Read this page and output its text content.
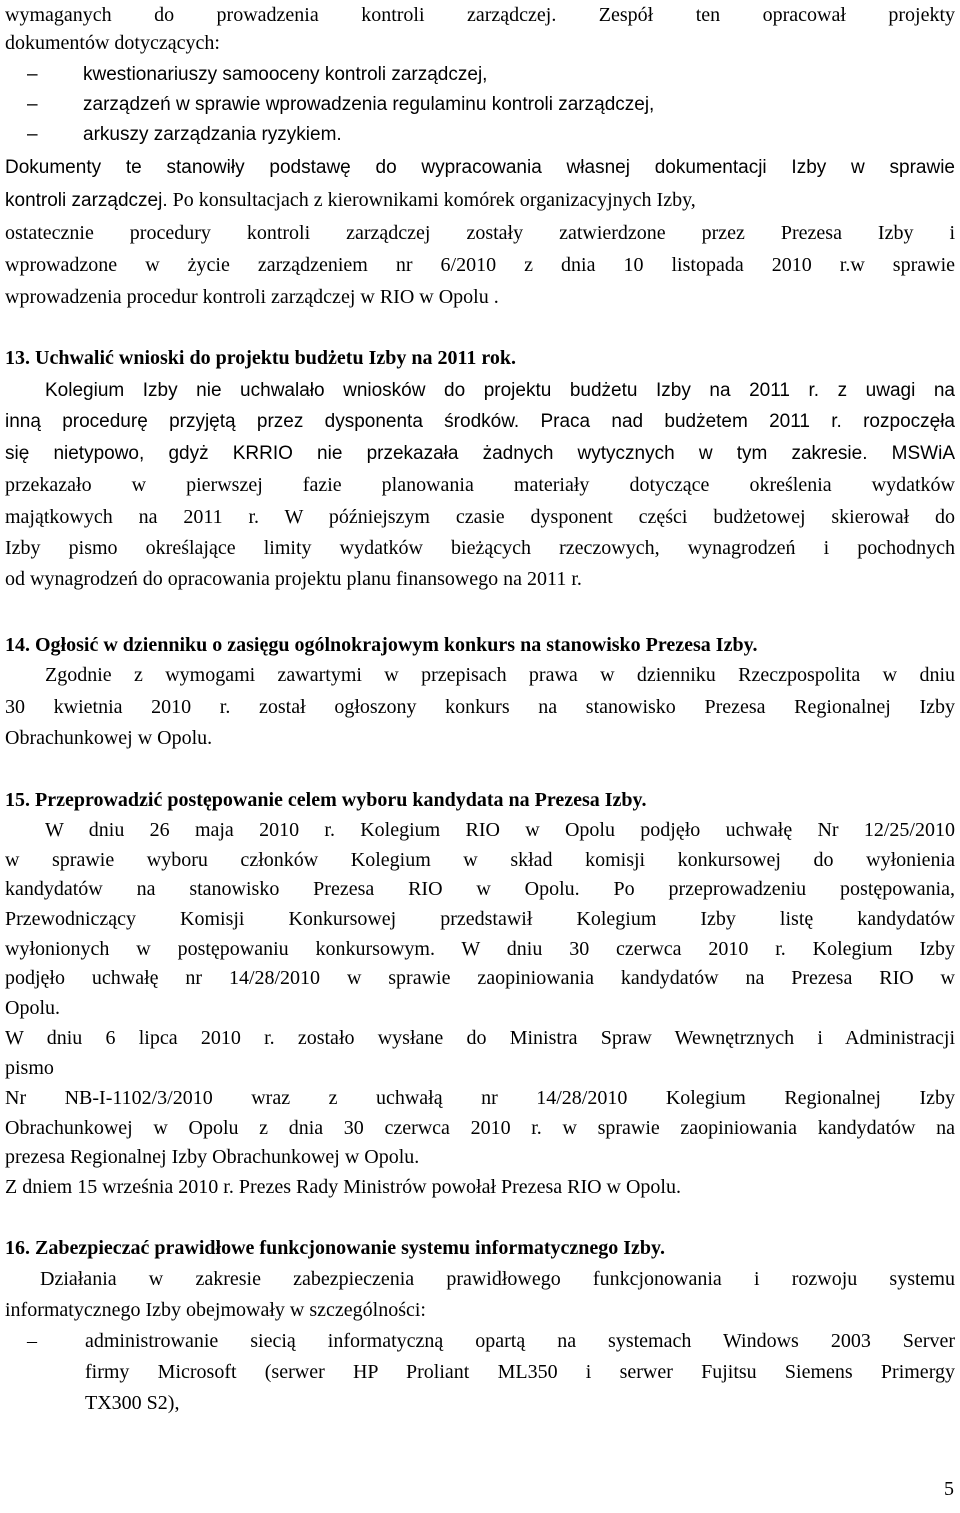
wymaganych do prowadzenia kontroli zarządczej. Zespół ten opracował projekty
dokumentów dotyczących:
– kwestionariuszy samooceny kontroli zarządczej,
– zarządzeń w sprawie wprowadzenia regulaminu kontroli zarządczej,
– arkuszy zarządzania ryzykiem.
Dokumenty te stanowiły podstawę do wypracowania własnej dokumentacji Izby w sprawie
kontroli zarządczej. Po konsultacjach z kierownikami komórek organizacyjnych Izby,
ostatecznie procedury kontroli zarządczej zostały zatwierdzone przez Prezesa Izby i
wprowadzone w życie zarządzeniem nr 6/2010 z dnia 10 listopada 2010 r.w sprawie
wprowadzenia procedur kontroli zarządczej w RIO w Opolu .
13. Uchwalić wnioski do projektu budżetu Izby na 2011 rok.
Kolegium Izby nie uchwalało wniosków do projektu budżetu Izby na 2011 r. z uwagi na
inną procedurę przyjętą przez dysponenta środków. Praca nad budżetem 2011 r. rozpoczęła
się nietypowo, gdyż KRRIO nie przekazała żadnych wytycznych w tym zakresie. MSWiA
przekazało w pierwszej fazie planowania materiały dotyczące określenia wydatków
majątkowych na 2011 r. W późniejszym czasie dysponent części budżetowej skierował do
Izby pismo określające limity wydatków bieżących rzeczowych, wynagrodzeń i pochodnych
od wynagrodzeń do opracowania projektu planu finansowego na 2011 r.
14. Ogłosić w dzienniku o zasięgu ogólnokrajowym konkurs na stanowisko Prezesa Izby.
Zgodnie z wymogami zawartymi w przepisach prawa w dzienniku Rzeczpospolita w dniu
30 kwietnia 2010 r. został ogłoszony konkurs na stanowisko Prezesa Regionalnej Izby
Obrachunkowej w Opolu.
15. Przeprowadzić postępowanie celem wyboru kandydata na Prezesa Izby.
W dniu 26 maja 2010 r. Kolegium RIO w Opolu podjęło uchwałę Nr 12/25/2010
w sprawie wyboru członków Kolegium w skład komisji konkursowej do wyłonienia
kandydatów na stanowisko Prezesa RIO w Opolu. Po przeprowadzeniu postępowania,
Przewodniczący Komisji Konkursowej przedstawił Kolegium Izby listę kandydatów
wyłonionych w postępowaniu konkursowym. W dniu 30 czerwca 2010 r. Kolegium Izby
podjęło uchwałę nr 14/28/2010 w sprawie zaopiniowania kandydatów na Prezesa RIO w
Opolu.
W dniu 6 lipca 2010 r. zostało wysłane do Ministra Spraw Wewnętrznych i Administracji
pismo
Nr NB-I-1102/3/2010 wraz z uchwałą nr 14/28/2010 Kolegium Regionalnej Izby
Obrachunkowej w Opolu z dnia 30 czerwca 2010 r. w sprawie zaopiniowania kandydatów na
prezesa Regionalnej Izby Obrachunkowej w Opolu.
Z dniem 15 września 2010 r. Prezes Rady Ministrów powołał Prezesa RIO w Opolu.
16. Zabezpieczać prawidłowe funkcjonowanie systemu informatycznego Izby.
Działania w zakresie zabezpieczenia prawidłowego funkcjonowania i rozwoju systemu
informatycznego Izby obejmowały w szczególności:
– administrowanie siecią informatyczną opartą na systemach Windows 2003 Server
firmy Microsoft (serwer HP Proliant ML350 i serwer Fujitsu Siemens Primergy
TX300 S2),
5
